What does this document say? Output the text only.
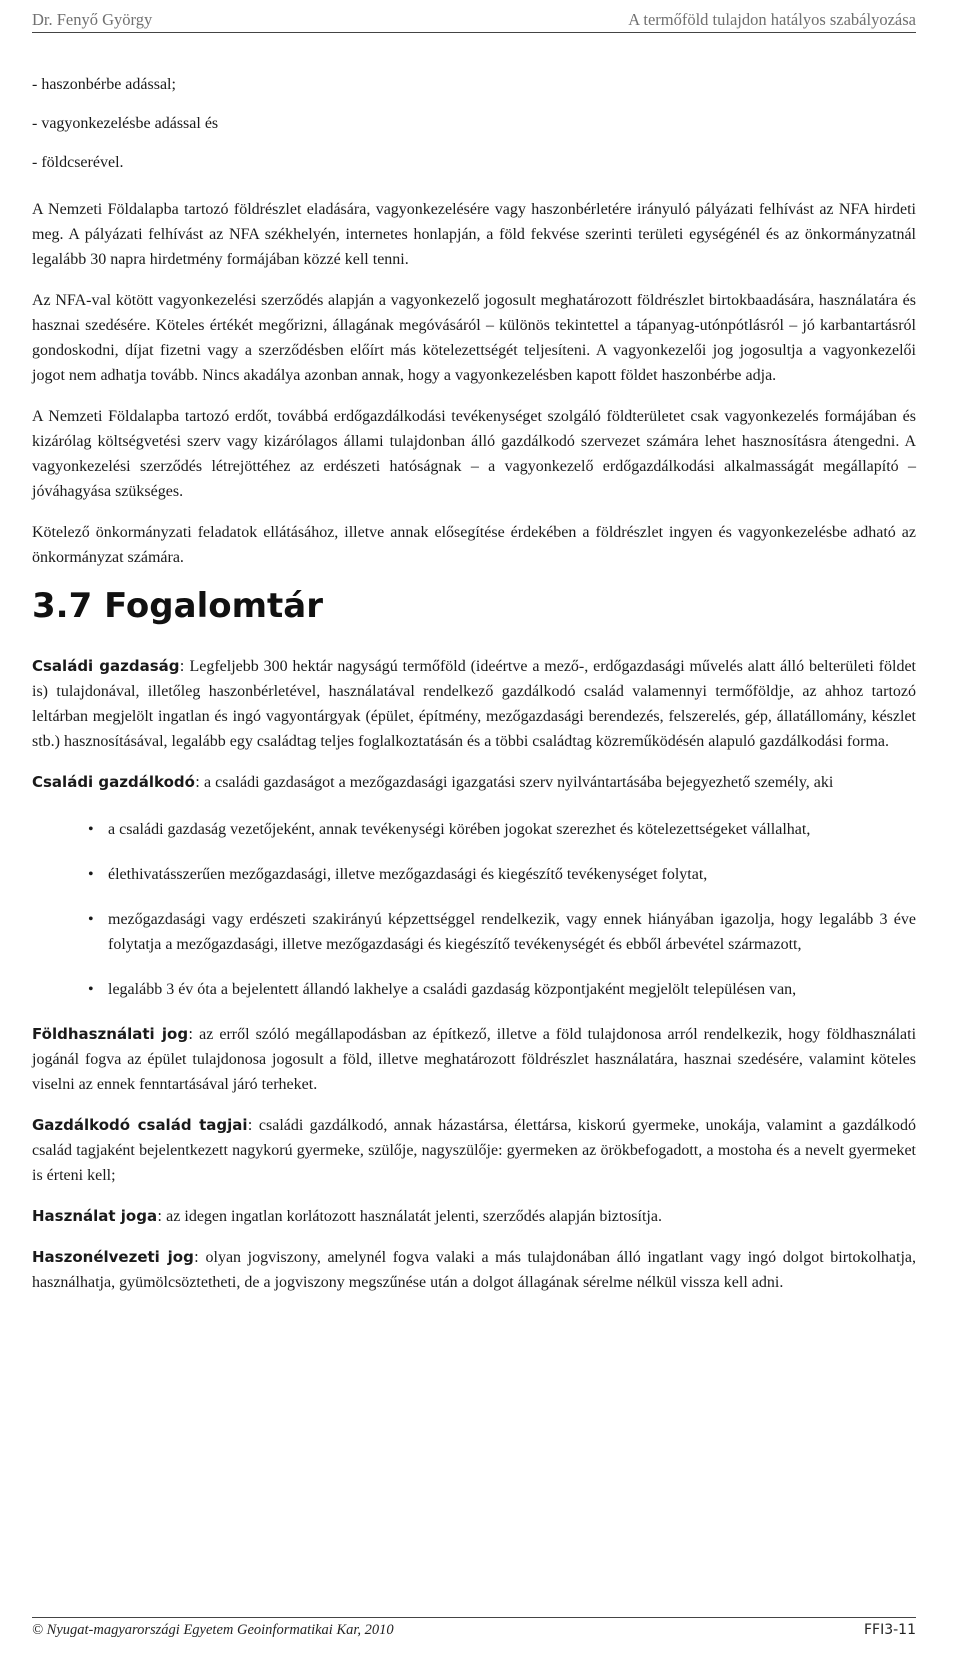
Dr. Fenyő György	A termőföld tulajdon hatályos szabályozása

- haszonbérbe adással;

- vagyonkezelésbe adással és

- földcserével.

A Nemzeti Földalapba tartozó földrészlet eladására, vagyonkezelésére vagy haszonbérletére irányuló pályázati felhívást az NFA hirdeti meg. A pályázati felhívást az NFA székhelyén, internetes honlapján, a föld fekvése szerinti területi egységénél és az önkormányzatnál legalább 30 napra hirdetmény formájában közzé kell tenni.

Az NFA-val kötött vagyonkezelési szerződés alapján a vagyonkezelő jogosult meghatározott földrészlet birtokbaadására, használatára és hasznai szedésére. Köteles értékét megőrizni, állagának megóvásáról – különös tekintettel a tápanyag-utónpótlásról – jó karbantartásról gondoskodni, díjat fizetni vagy a szerződésben előírt más kötelezettségét teljesíteni. A vagyonkezelői jog jogosultja a vagyonkezelői jogot nem adhatja tovább. Nincs akadálya azonban annak, hogy a vagyonkezelésben kapott földet haszonbérbe adja.

A Nemzeti Földalapba tartozó erdőt, továbbá erdőgazdálkodási tevékenységet szolgáló földterületet csak vagyonkezelés formájában és kizárólag költségvetési szerv vagy kizárólagos állami tulajdonban álló gazdálkodó szervezet számára lehet hasznosításra átengedni. A vagyonkezelési szerződés létrejöttéhez az erdészeti hatóságnak – a vagyonkezelő erdőgazdálkodási alkalmasságát megállapító – jóváhagyása szükséges.

Kötelező önkormányzati feladatok ellátásához, illetve annak elősegítése érdekében a földrészlet ingyen és vagyonkezelésbe adható az önkormányzat számára.

3.7 Fogalomtár

Családi gazdaság: Legfeljebb 300 hektár nagyságú termőföld (ideértve a mező-, erdőgazdasági művelés alatt álló belterületi földet is) tulajdonával, illetőleg haszonbérletével, használatával rendelkező gazdálkodó család valamennyi termőföldje, az ahhoz tartozó leltárban megjelölt ingatlan és ingó vagyontárgyak (épület, építmény, mezőgazdasági berendezés, felszerelés, gép, állatállomány, készlet stb.) hasznosításával, legalább egy családtag teljes foglalkoztatásán és a többi családtag közreműködésén alapuló gazdálkodási forma.

Családi gazdálkodó: a családi gazdaságot a mezőgazdasági igazgatási szerv nyilvántartásába bejegyezhető személy, aki

• a családi gazdaság vezetőjeként, annak tevékenységi körében jogokat szerezhet és kötelezettségeket vállalhat,
• élethivatásszerűen mezőgazdasági, illetve mezőgazdasági és kiegészítő tevékenységet folytat,
• mezőgazdasági vagy erdészeti szakirányú képzettséggel rendelkezik, vagy ennek hiányában igazolja, hogy legalább 3 éve folytatja a mezőgazdasági, illetve mezőgazdasági és kiegészítő tevékenységét és ebből árbevétel származott,
• legalább 3 év óta a bejelentett állandó lakhelye a családi gazdaság központjaként megjelölt településen van,

Földhasználati jog: az erről szóló megállapodásban az építkező, illetve a föld tulajdonosa arról rendelkezik, hogy földhasználati jogánál fogva az épület tulajdonosa jogosult a föld, illetve meghatározott földrészlet használatára, hasznai szedésére, valamint köteles viselni az ennek fenntartásával járó terheket.

Gazdálkodó család tagjai: családi gazdálkodó, annak házastársa, élettársa, kiskorú gyermeke, unokája, valamint a gazdálkodó család tagjaként bejelentkezett nagykorú gyermeke, szülője, nagyszülője: gyermeken az örökbefogadott, a mostoha és a nevelt gyermeket is érteni kell;

Használat joga: az idegen ingatlan korlátozott használatát jelenti, szerződés alapján biztosítja.

Haszonélvezeti jog: olyan jogviszony, amelynél fogva valaki a más tulajdonában álló ingatlant vagy ingó dolgot birtokolhatja, használhatja, gyümölcsöztetheti, de a jogviszony megszűnése után a dolgot állagának sérelme nélkül vissza kell adni.

© Nyugat-magyarországi Egyetem Geoinformatikai Kar, 2010	FFI3-11
